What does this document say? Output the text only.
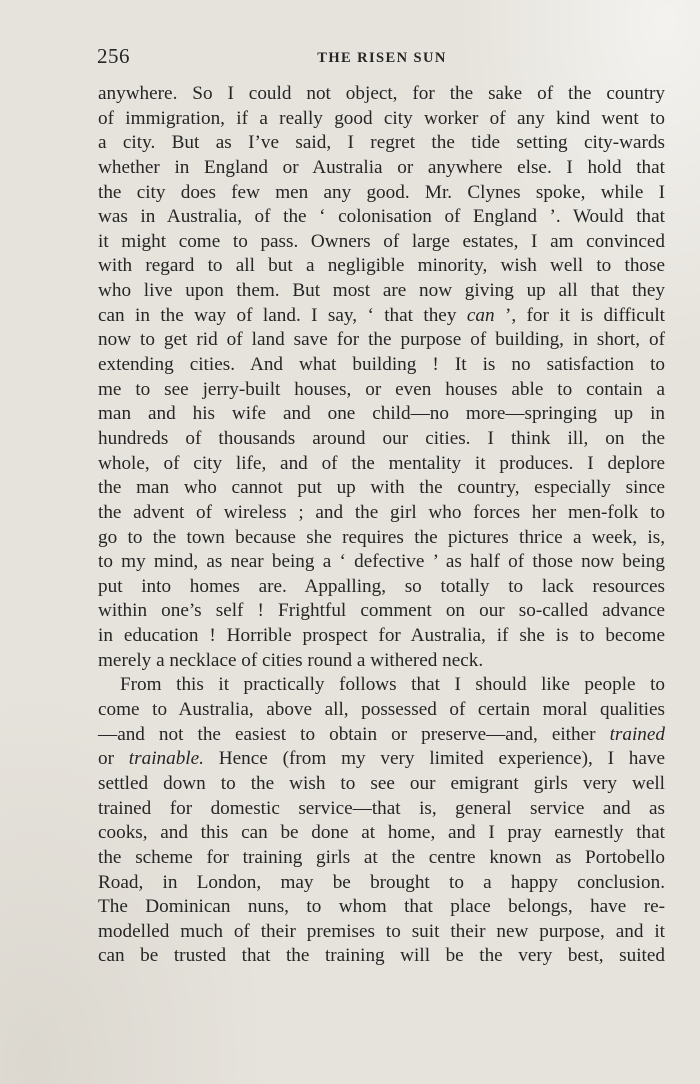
256	THE RISEN SUN
anywhere. So I could not object, for the sake of the country
of immigration, if a really good city worker of any kind went to
a city. But as I’ve said, I regret the tide setting city-wards
whether in England or Australia or anywhere else. I hold that
the city does few men any good. Mr. Clynes spoke, while I
was in Australia, of the ‘ colonisation of England ’. Would that
it might come to pass. Owners of large estates, I am convinced
with regard to all but a negligible minority, wish well to those
who live upon them. But most are now giving up all that they
can in the way of land. I say, ‘ that they can ’, for it is difficult
now to get rid of land save for the purpose of building, in short, of
extending cities. And what building ! It is no satisfaction to
me to see jerry-built houses, or even houses able to contain a
man and his wife and one child—no more—springing up in
hundreds of thousands around our cities. I think ill, on the
whole, of city life, and of the mentality it produces. I deplore
the man who cannot put up with the country, especially since
the advent of wireless ; and the girl who forces her men-folk to
go to the town because she requires the pictures thrice a week, is,
to my mind, as near being a ‘ defective ’ as half of those now being
put into homes are. Appalling, so totally to lack resources
within one’s self ! Frightful comment on our so-called advance
in education ! Horrible prospect for Australia, if she is to become
merely a necklace of cities round a withered neck.
From this it practically follows that I should like people to
come to Australia, above all, possessed of certain moral qualities
—and not the easiest to obtain or preserve—and, either trained
or trainable. Hence (from my very limited experience), I have
settled down to the wish to see our emigrant girls very well
trained for domestic service—that is, general service and as
cooks, and this can be done at home, and I pray earnestly that
the scheme for training girls at the centre known as Portobello
Road, in London, may be brought to a happy conclusion.
The Dominican nuns, to whom that place belongs, have re-
modelled much of their premises to suit their new purpose, and it
can be trusted that the training will be the very best, suited
